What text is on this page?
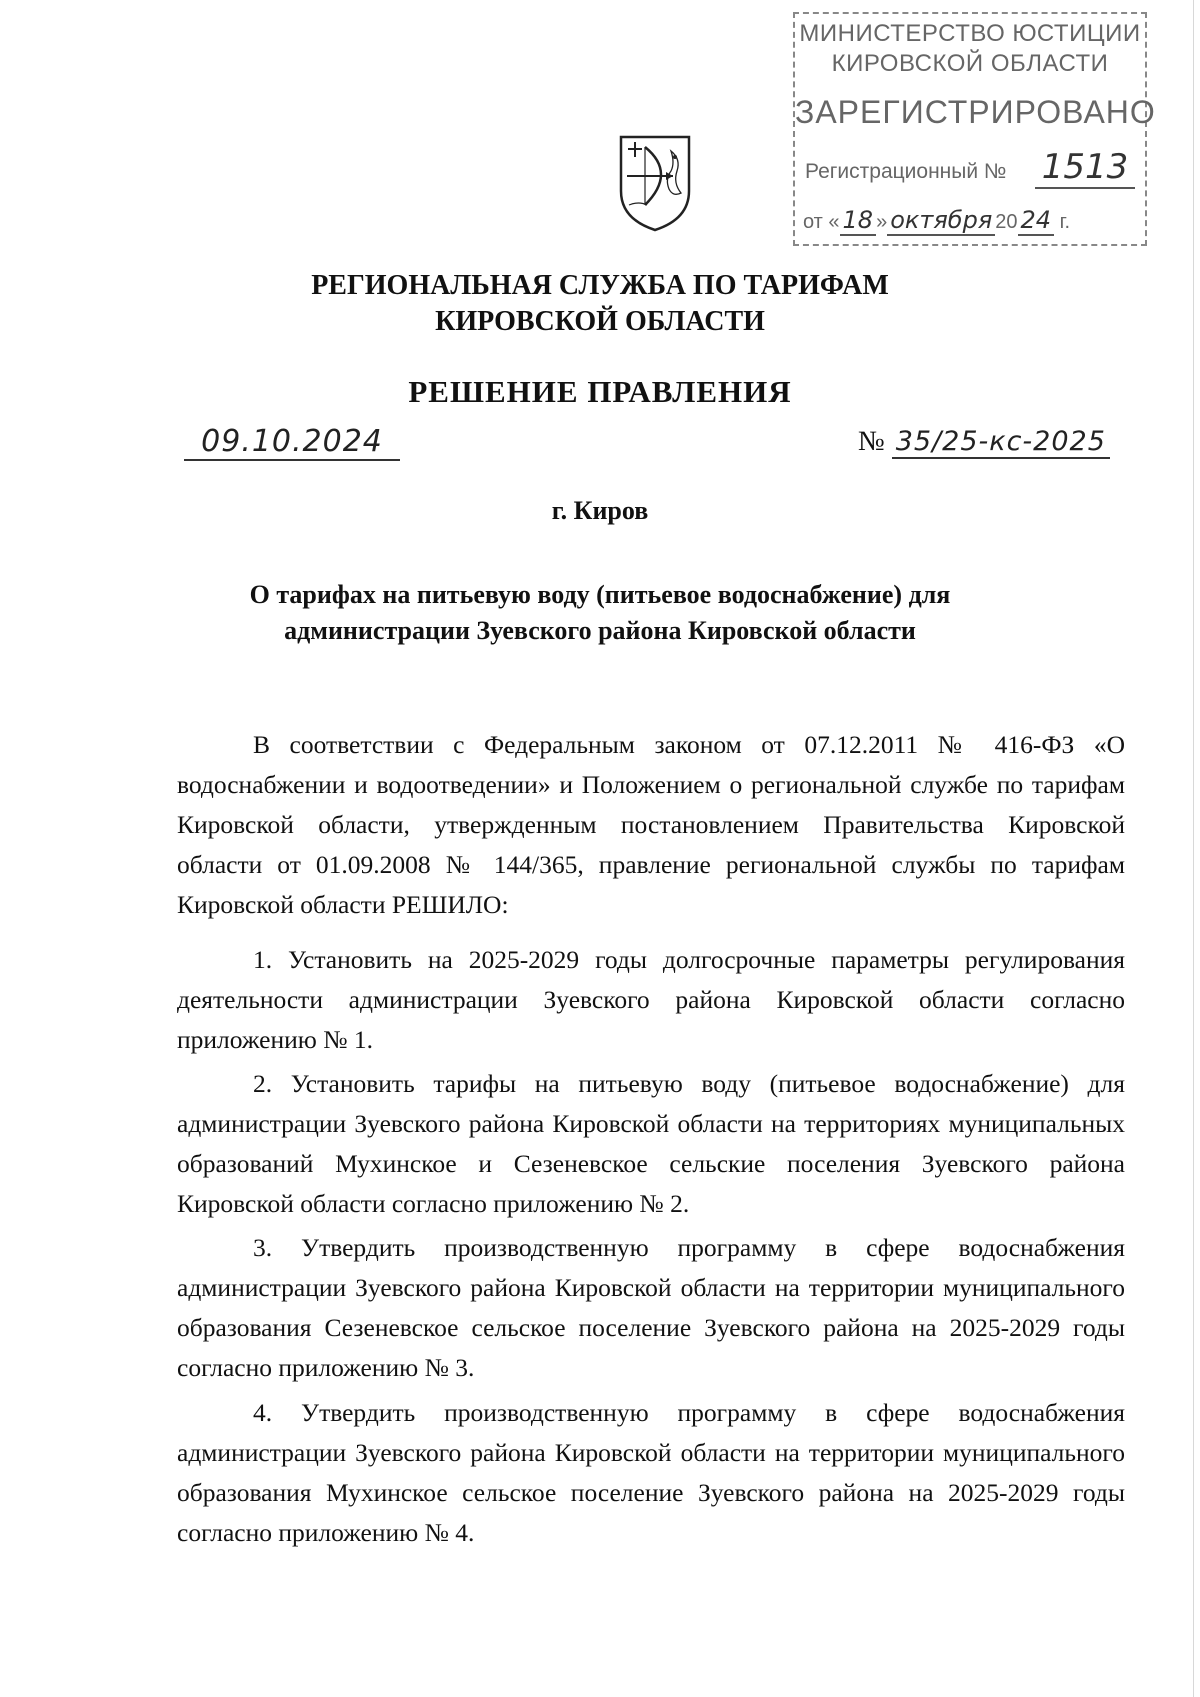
МИНИСТЕРСТВО ЮСТИЦИИ
КИРОВСКОЙ ОБЛАСТИ
ЗАРЕГИСТРИРОВАНО
Регистрационный № 1513
от « 18 » октября 20 24 г.
РЕГИОНАЛЬНАЯ СЛУЖБА ПО ТАРИФАМ
КИРОВСКОЙ ОБЛАСТИ
РЕШЕНИЕ ПРАВЛЕНИЯ
09.10.2024	№ 35/25-кс-2025
г. Киров
О тарифах на питьевую воду (питьевое водоснабжение) для
администрации Зуевского района Кировской области
В соответствии с Федеральным законом от 07.12.2011 № 416-ФЗ «О водоснабжении и водоотведении» и Положением о региональной службе по тарифам Кировской области, утвержденным постановлением Правительства Кировской области от 01.09.2008 № 144/365, правление региональной службы по тарифам Кировской области РЕШИЛО:
1. Установить на 2025-2029 годы долгосрочные параметры регулирования деятельности администрации Зуевского района Кировской области согласно приложению № 1.
2. Установить тарифы на питьевую воду (питьевое водоснабжение) для администрации Зуевского района Кировской области на территориях муниципальных образований Мухинское и Сезеневское сельские поселения Зуевского района Кировской области согласно приложению № 2.
3. Утвердить производственную программу в сфере водоснабжения администрации Зуевского района Кировской области на территории муниципального образования Сезеневское сельское поселение Зуевского района на 2025-2029 годы согласно приложению № 3.
4. Утвердить производственную программу в сфере водоснабжения администрации Зуевского района Кировской области на территории муниципального образования Мухинское сельское поселение Зуевского района на 2025-2029 годы согласно приложению № 4.
